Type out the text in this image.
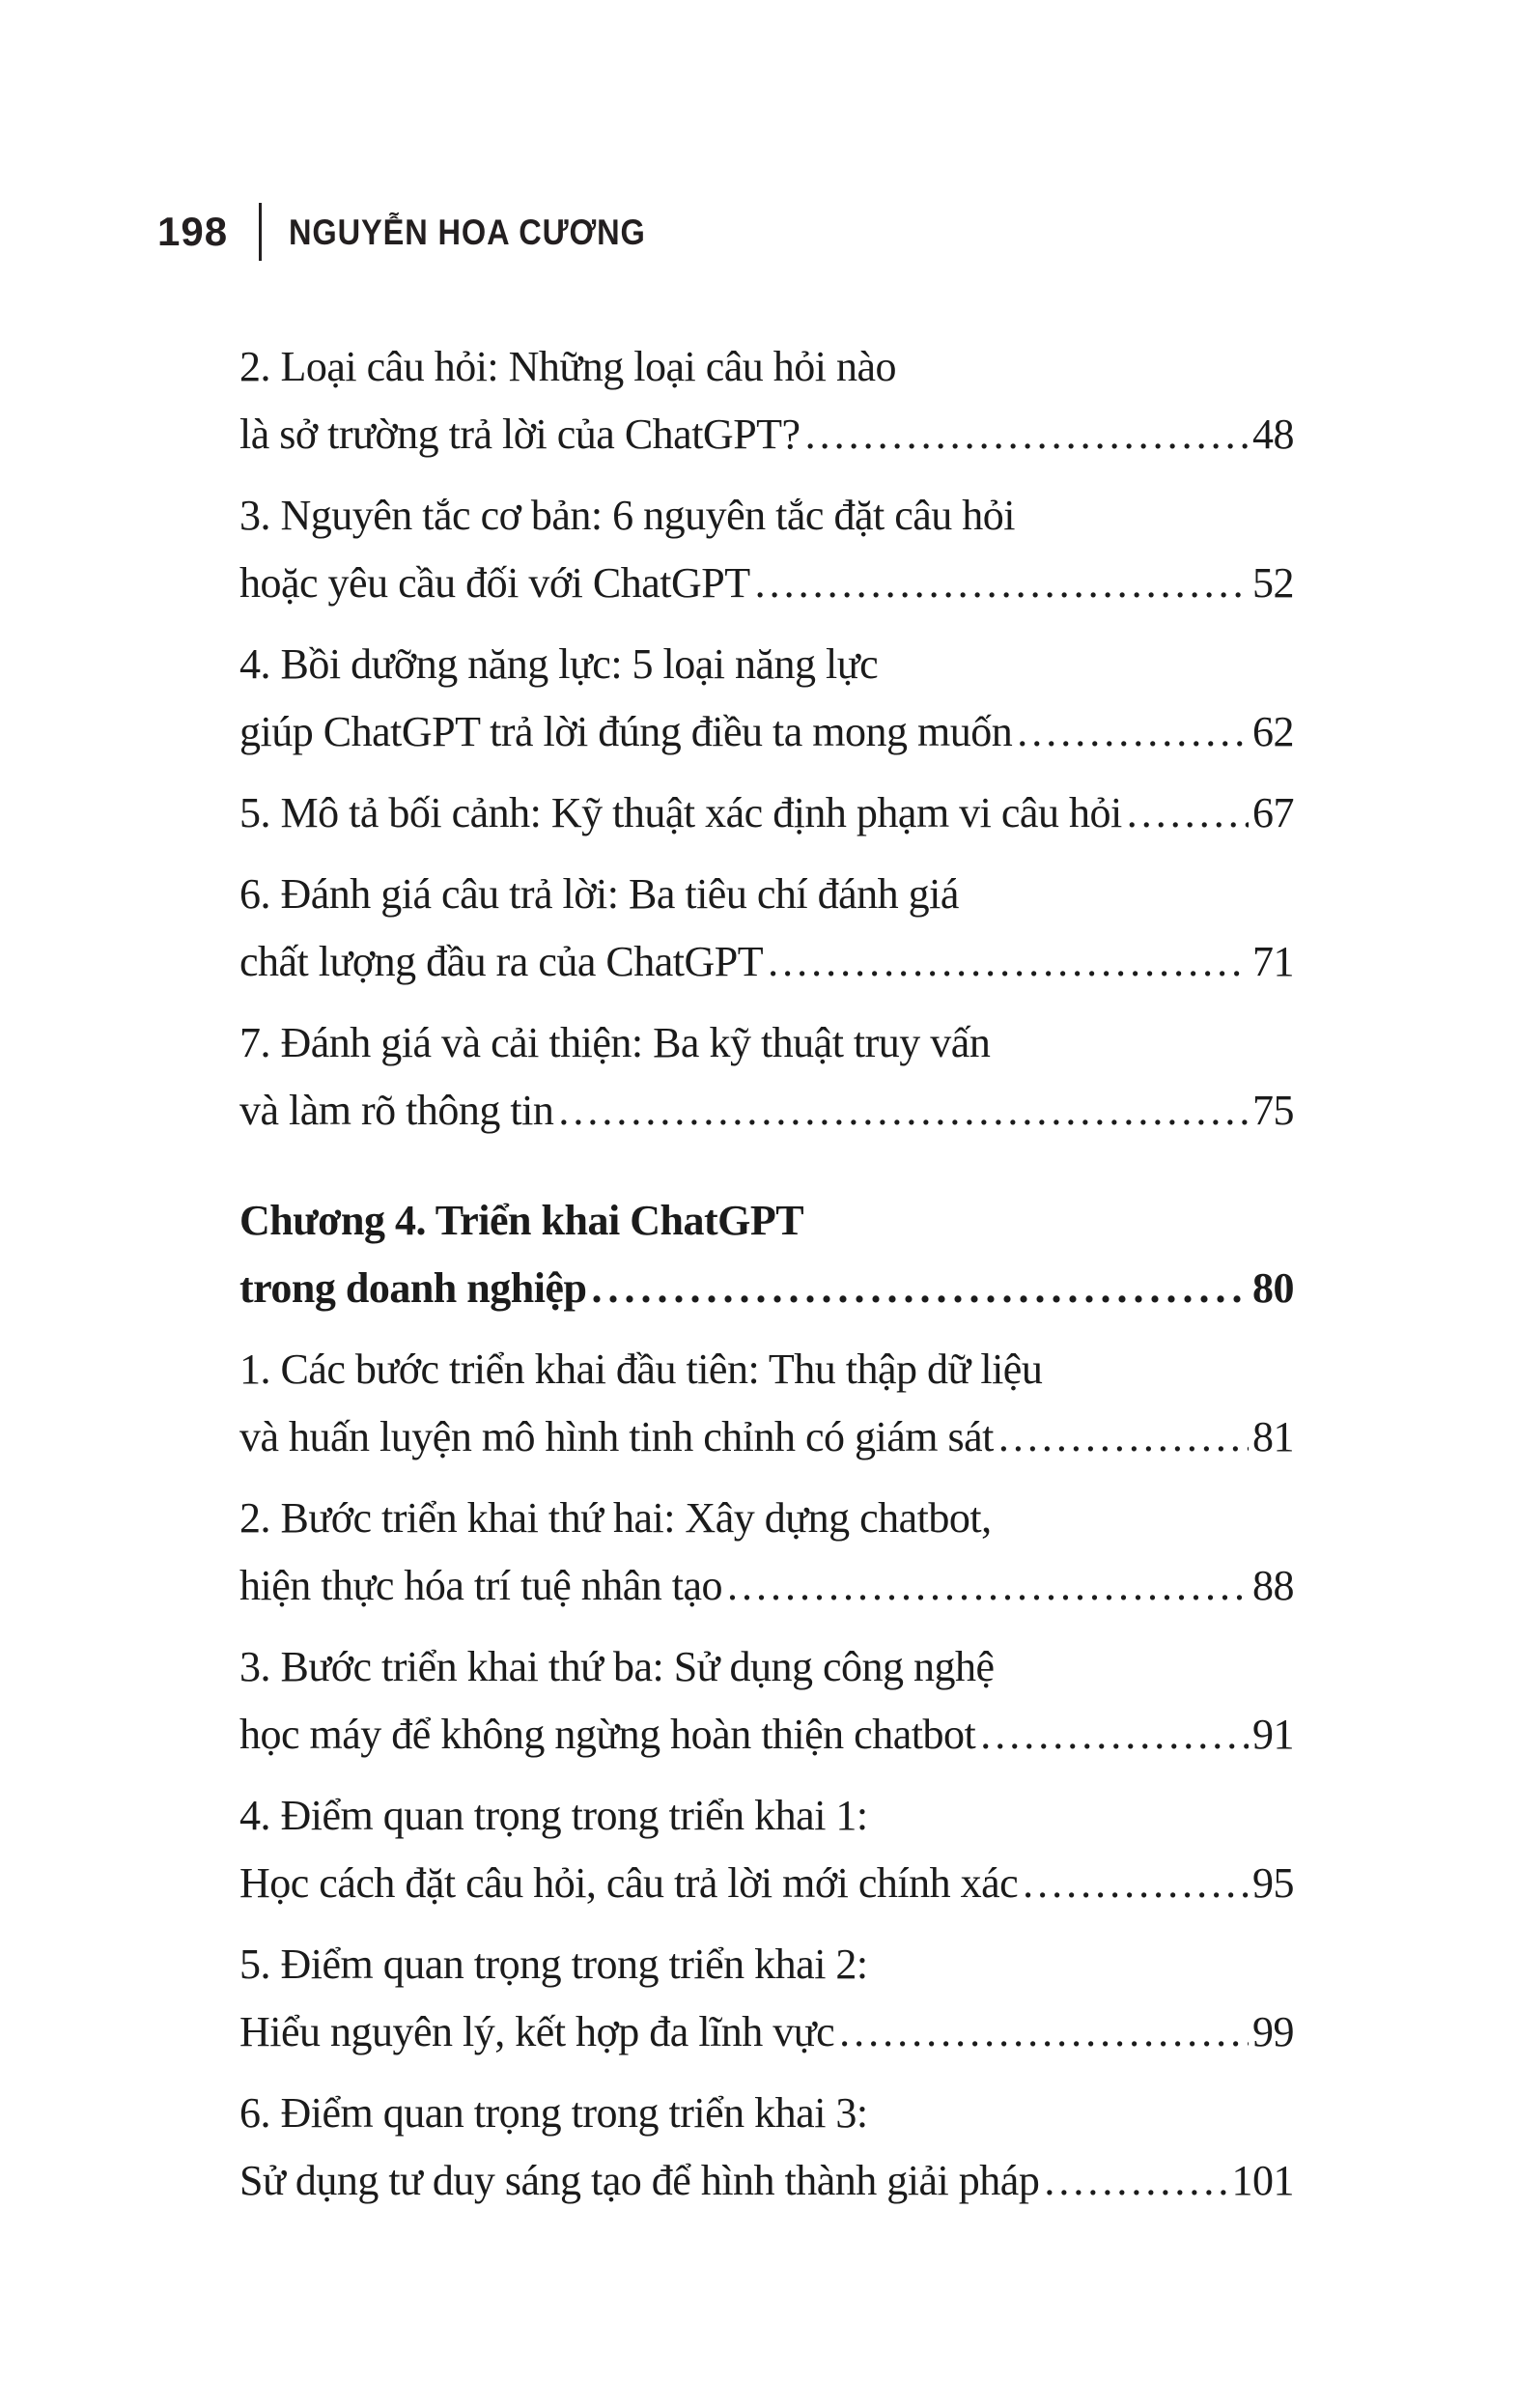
198 NGUYỄN HOA CƯƠNG
2. Loại câu hỏi: Những loại câu hỏi nào
là sở trường trả lời của ChatGPT? .....	48
3. Nguyên tắc cơ bản: 6 nguyên tắc đặt câu hỏi
hoặc yêu cầu đối với ChatGPT .....	52
4. Bồi dưỡng năng lực: 5 loại năng lực
giúp ChatGPT trả lời đúng điều ta mong muốn .....	62
5. Mô tả bối cảnh: Kỹ thuật xác định phạm vi câu hỏi .....	67
6. Đánh giá câu trả lời: Ba tiêu chí đánh giá
chất lượng đầu ra của ChatGPT .....	71
7. Đánh giá và cải thiện: Ba kỹ thuật truy vấn
và làm rõ thông tin .....	75
Chương 4. Triển khai ChatGPT
trong doanh nghiệp .....	80
1. Các bước triển khai đầu tiên: Thu thập dữ liệu
và huấn luyện mô hình tinh chỉnh có giám sát .....	81
2. Bước triển khai thứ hai: Xây dựng chatbot,
hiện thực hóa trí tuệ nhân tạo .....	88
3. Bước triển khai thứ ba: Sử dụng công nghệ
học máy để không ngừng hoàn thiện chatbot .....	91
4. Điểm quan trọng trong triển khai 1:
Học cách đặt câu hỏi, câu trả lời mới chính xác .....	95
5. Điểm quan trọng trong triển khai 2:
Hiểu nguyên lý, kết hợp đa lĩnh vực .....	99
6. Điểm quan trọng trong triển khai 3:
Sử dụng tư duy sáng tạo để hình thành giải pháp .....	101
